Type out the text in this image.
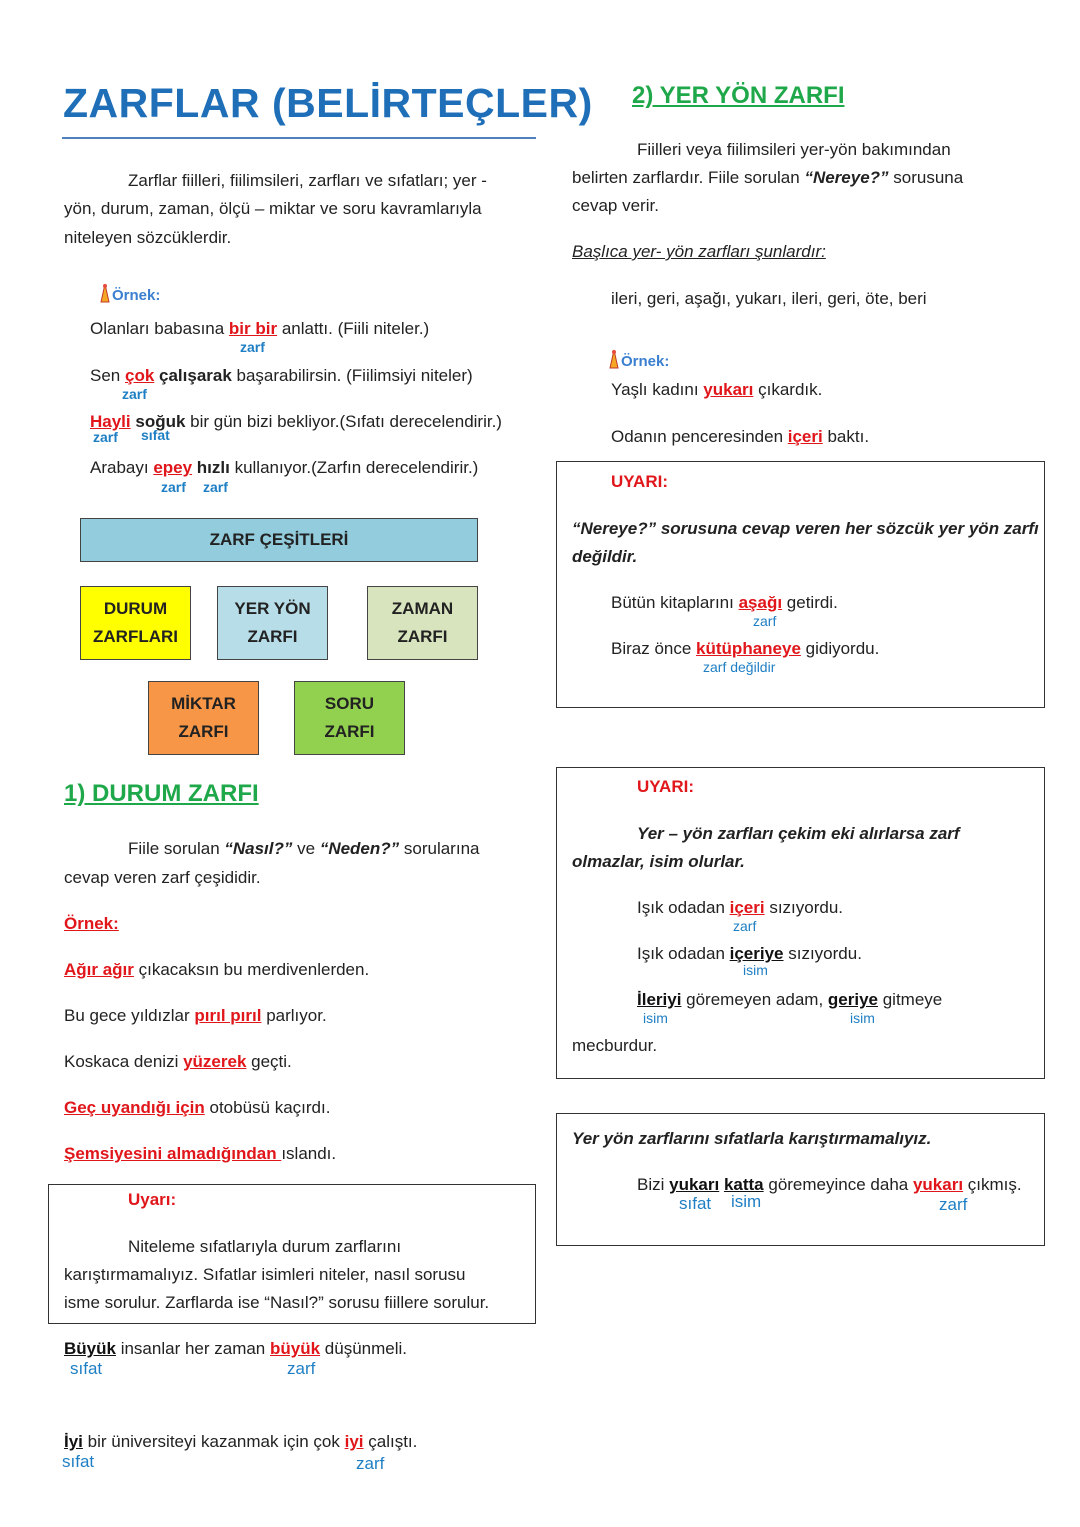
ZARFLAR (BELİRTEÇLER)
Zarflar fiilleri, fiilimsileri, zarfları ve sıfatları; yer -
yön, durum, zaman, ölçü – miktar ve soru kavramlarıyla
niteleyen sözcüklerdir.
Örnek:
Olanları babasına bir bir anlattı. (Fiili niteler.)
zarf
Sen çok çalışarak başarabilirsin. (Fiilimsiyi niteler)
zarf
Hayli soğuk bir gün bizi bekliyor.(Sıfatı derecelendirir.)
zarf sıfat
Arabayı epey hızlı kullanıyor.(Zarfın derecelendirir.)
zarf zarf
ZARF ÇEŞİTLERİ
DURUM
ZARFLARI
YER YÖN
ZARFI
ZAMAN
ZARFI
MİKTAR
ZARFI
SORU
ZARFI
1) DURUM ZARFI
Fiile sorulan “Nasıl?” ve “Neden?” sorularına
cevap veren zarf çeşididir.
Örnek:
Ağır ağır çıkacaksın bu merdivenlerden.
Bu gece yıldızlar pırıl pırıl parlıyor.
Koskaca denizi yüzerek geçti.
Geç uyandığı için otobüsü kaçırdı.
Şemsiyesini almadığından ıslandı.
Uyarı:
Niteleme sıfatlarıyla durum zarflarını
karıştırmamalıyız. Sıfatlar isimleri niteler, nasıl sorusu
isme sorulur. Zarflarda ise “Nasıl?” sorusu fiillere sorulur.
Büyük insanlar her zaman büyük düşünmeli.
sıfat	zarf
İyi bir üniversiteyi kazanmak için çok iyi çalıştı.
sıfat	zarf
2) YER YÖN ZARFI
Fiilleri veya fiilimsileri yer-yön bakımından
belirten zarflardır. Fiile sorulan “Nereye?” sorusuna
cevap verir.
Başlıca yer- yön zarfları şunlardır:
ileri, geri, aşağı, yukarı, ileri, geri, öte, beri
Örnek:
Yaşlı kadını yukarı çıkardık.
Odanın penceresinden içeri baktı.
UYARI:
“Nereye?” sorusuna cevap veren her sözcük yer yön zarfı
değildir.
Bütün kitaplarını aşağı getirdi.
zarf
Biraz önce kütüphaneye gidiyordu.
zarf değildir
UYARI:
Yer – yön zarfları çekim eki alırlarsa zarf
olmazlar, isim olurlar.
Işık odadan içeri sızıyordu.
zarf
Işık odadan içeriye sızıyordu.
isim
İleriyi göremeyen adam, geriye gitmeye
isim	isim
mecburdur.
Yer yön zarflarını sıfatlarla karıştırmamalıyız.
Bizi yukarı katta göremeyince daha yukarı çıkmış.
sıfat isim	zarf
